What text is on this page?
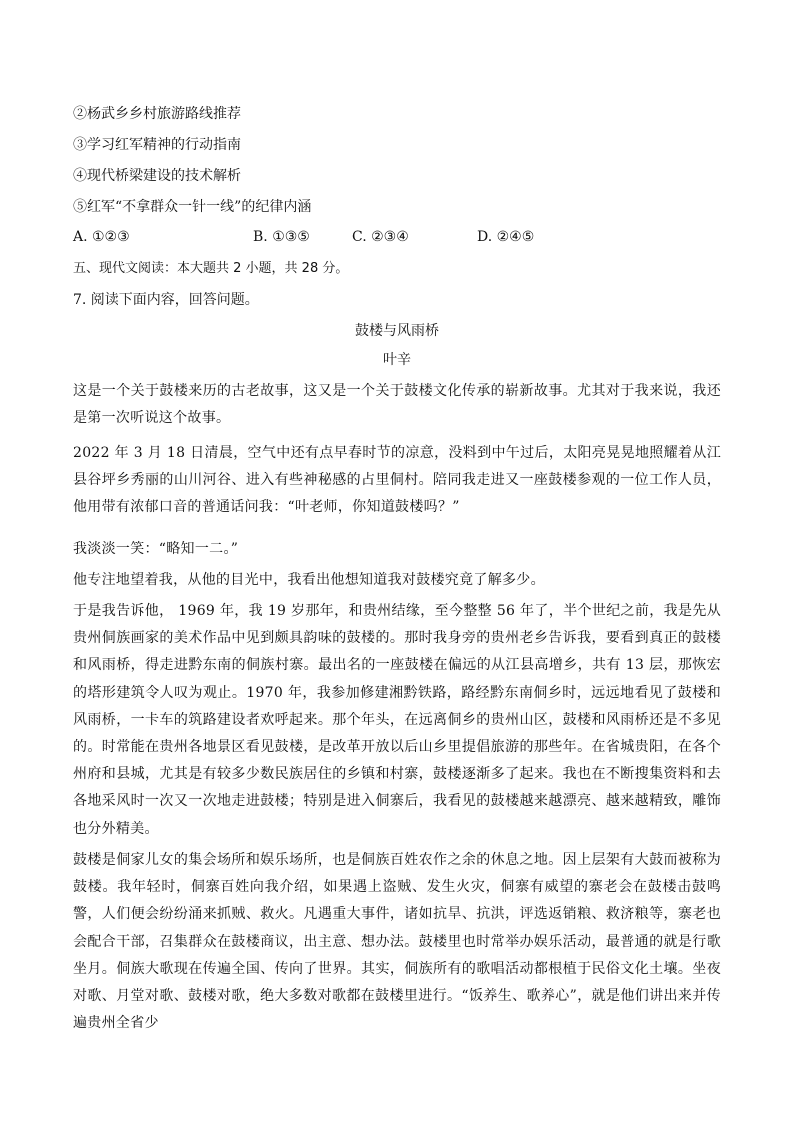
②杨武乡乡村旅游路线推荐
③学习红军精神的行动指南
④现代桥梁建设的技术解析
⑤红军“不拿群众一针一线”的纪律内涵
A. ①②③	B. ①③⑤	C. ②③④	D. ②④⑤
五、现代文阅读：本大题共 2 小题，共 28 分。
7. 阅读下面内容，回答问题。
鼓楼与风雨桥
叶辛
这是一个关于鼓楼来历的古老故事，这又是一个关于鼓楼文化传承的崭新故事。尤其对于我来说，我还是第一次听说这个故事。
2022 年 3 月 18 日清晨，空气中还有点早春时节的凉意，没料到中午过后，太阳亮晃晃地照耀着从江县谷坪乡秀丽的山川河谷、进入有些神秘感的占里侗村。陪同我走进又一座鼓楼参观的一位工作人员，他用带有浓郁口音的普通话问我：“叶老师，你知道鼓楼吗？”
我淡淡一笑：“略知一二。”
他专注地望着我，从他的目光中，我看出他想知道我对鼓楼究竟了解多少。
于是我告诉他， 1969 年，我 19 岁那年，和贵州结缘，至今整整 56 年了，半个世纪之前，我是先从贵州侗族画家的美术作品中见到颇具韵味的鼓楼的。那时我身旁的贵州老乡告诉我，要看到真正的鼓楼和风雨桥，得走进黔东南的侗族村寨。最出名的一座鼓楼在偏远的从江县高增乡，共有 13 层，那恢宏的塔形建筑令人叹为观止。1970 年，我参加修建湘黔铁路，路经黔东南侗乡时，远远地看见了鼓楼和风雨桥，一卡车的筑路建设者欢呼起来。那个年头，在远离侗乡的贵州山区，鼓楼和风雨桥还是不多见的。时常能在贵州各地景区看见鼓楼，是改革开放以后山乡里提倡旅游的那些年。在省城贵阳，在各个州府和县城，尤其是有较多少数民族居住的乡镇和村寨，鼓楼逐渐多了起来。我也在不断搜集资料和去各地采风时一次又一次地走进鼓楼；特别是进入侗寨后，我看见的鼓楼越来越漂亮、越来越精致，雕饰也分外精美。
鼓楼是侗家儿女的集会场所和娱乐场所，也是侗族百姓农作之余的休息之地。因上层架有大鼓而被称为鼓楼。我年轻时，侗寨百姓向我介绍，如果遇上盗贼、发生火灾，侗寨有威望的寨老会在鼓楼击鼓鸣警，人们便会纷纷涌来抓贼、救火。凡遇重大事件，诸如抗旱、抗洪，评选返销粮、救济粮等，寨老也会配合干部，召集群众在鼓楼商议，出主意、想办法。鼓楼里也时常举办娱乐活动，最普通的就是行歌坐月。侗族大歌现在传遍全国、传向了世界。其实，侗族所有的歌唱活动都根植于民俗文化土壤。坐夜对歌、月堂对歌、鼓楼对歌，绝大多数对歌都在鼓楼里进行。“饭养生、歌养心”，就是他们讲出来并传遍贵州全省少
